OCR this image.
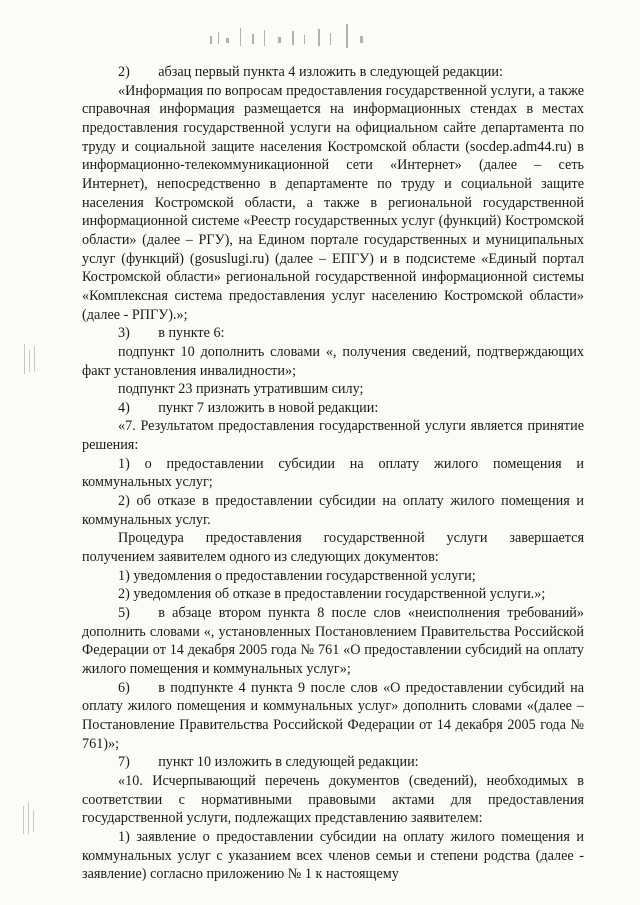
2)  абзац первый пункта 4 изложить в следующей редакции:

«Информация по вопросам предоставления государственной услуги, а также справочная информация размещается на информационных стендах в местах предоставления государственной услуги на официальном сайте департамента по труду и социальной защите населения Костромской области (socdep.adm44.ru) в информационно-телекоммуникационной сети «Интернет» (далее – сеть Интернет), непосредственно в департаменте по труду и социальной защите населения Костромской области, а также в региональной государственной информационной системе «Реестр государственных услуг (функций) Костромской области» (далее – РГУ), на Едином портале государственных и муниципальных услуг (функций) (gosuslugi.ru) (далее – ЕПГУ) и в подсистеме «Единый портал Костромской области» региональной государственной информационной системы «Комплексная система предоставления услуг населению Костромской области» (далее - РПГУ).»;

3)  в пункте 6:

подпункт 10 дополнить словами «, получения сведений, подтверждающих факт установления инвалидности»;

подпункт 23 признать утратившим силу;

4)  пункт 7 изложить в новой редакции:

«7. Результатом предоставления государственной услуги является принятие решения:

1) о предоставлении субсидии на оплату жилого помещения и коммунальных услуг;

2) об отказе в предоставлении субсидии на оплату жилого помещения и коммунальных услуг.

Процедура предоставления государственной услуги завершается получением заявителем одного из следующих документов:

1) уведомления о предоставлении государственной услуги;

2) уведомления об отказе в предоставлении государственной услуги.»;

5)  в абзаце втором пункта 8 после слов «неисполнения требований» дополнить словами «, установленных Постановлением Правительства Российской Федерации от 14 декабря 2005 года № 761 «О предоставлении субсидий на оплату жилого помещения и коммунальных услуг»;

6)  в подпункте 4 пункта 9 после слов «О предоставлении субсидий на оплату жилого помещения и коммунальных услуг» дополнить словами «(далее – Постановление Правительства Российской Федерации от 14 декабря 2005 года № 761)»;

7)  пункт 10 изложить в следующей редакции:

«10. Исчерпывающий перечень документов (сведений), необходимых в соответствии с нормативными правовыми актами для предоставления государственной услуги, подлежащих представлению заявителем:

1) заявление о предоставлении субсидии на оплату жилого помещения и коммунальных услуг с указанием всех членов семьи и степени родства (далее - заявление) согласно приложению № 1 к настоящему
